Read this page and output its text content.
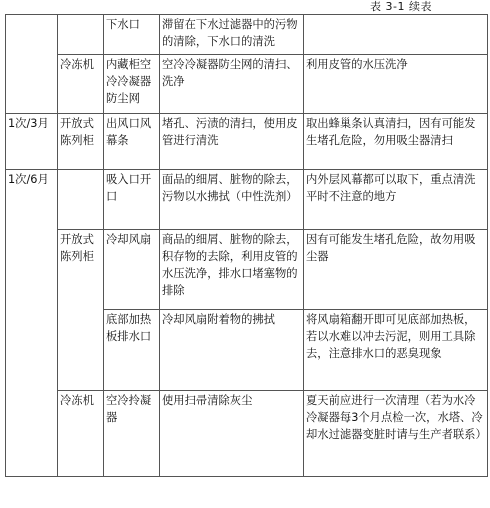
表 3-1 续表
		下水口	滞留在下水过滤器中的污物的清除，下水口的清洗	
	冷冻机	内藏柜空冷冷凝器防尘网	空冷冷凝器防尘网的清扫、洗净	利用皮管的水压洗净
1次/3月	开放式陈列柜	出风口风幕条	堵孔、污渍的清扫，使用皮管进行清洗	取出蜂巢条认真清扫，因有可能发生堵孔危险，勿用吸尘器清扫
1次/6月		吸入口开口	面品的细屑、脏物的除去，污物以水拂拭（中性洗剂）	内外层风幕都可以取下，重点清洗平时不注意的地方
	开放式陈列柜	冷却风扇	商品的细屑、脏物的除去，积存物的去除，利用皮管的水压洗净，排水口堵塞物的排除	因有可能发生堵孔危险，故勿用吸尘器
		底部加热板排水口	冷却风扇附着物的拂拭	将风扇箱翻开即可见底部加热板，若以水难以冲去污泥，则用工具除去，注意排水口的恶臭现象
	冷冻机	空冷拎凝器	使用扫帚清除灰尘	夏天前应进行一次清理（若为水冷冷凝器每3个月点检一次，水塔、冷却水过滤器变脏时请与生产者联系）
